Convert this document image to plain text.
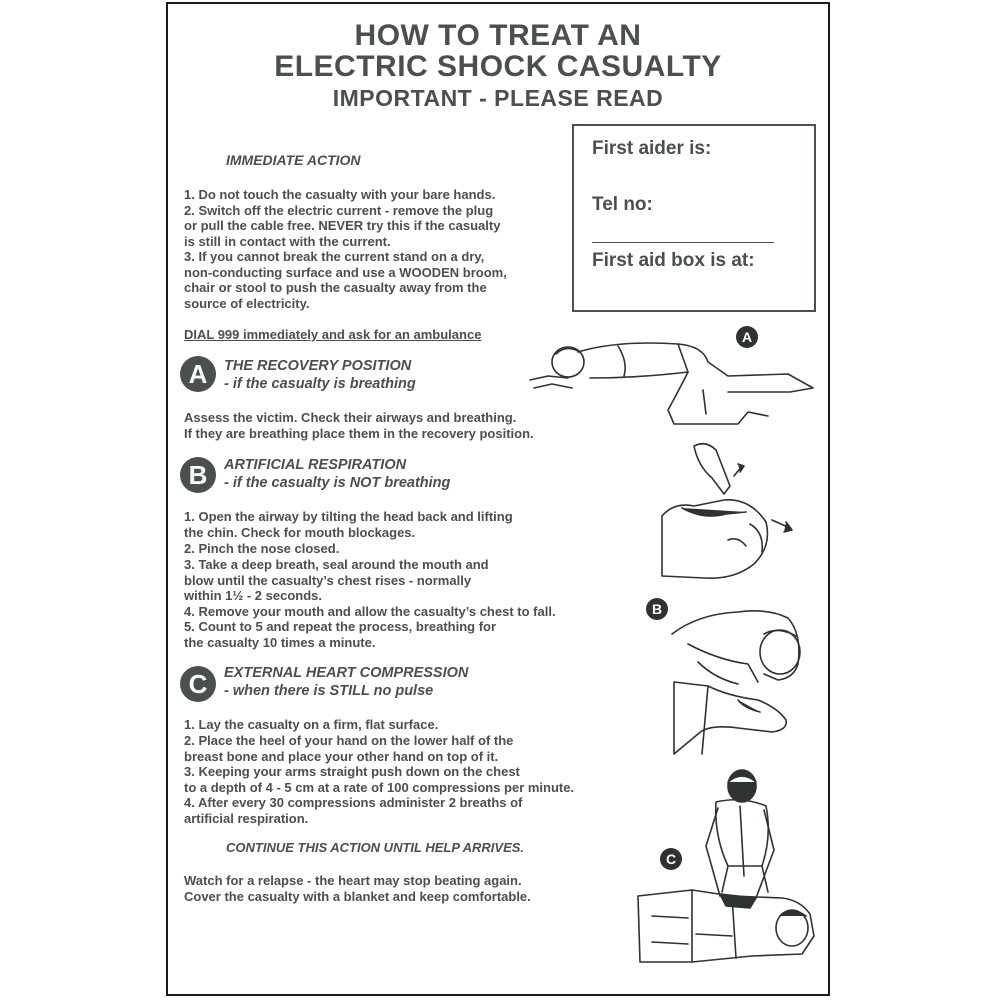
HOW TO TREAT AN
ELECTRIC SHOCK CASUALTY
IMPORTANT - PLEASE READ
First aider is:
Tel no:
First aid box is at:
IMMEDIATE ACTION
1. Do not touch the casualty with your bare hands.
2. Switch off the electric current - remove the plug
or pull the cable free. NEVER try this if the casualty
is still in contact with the current.
3. If you cannot break the current stand on a dry,
non-conducting surface and use a WOODEN broom,
chair or stool to push the casualty away from the
source of electricity.
DIAL 999 immediately and ask for an ambulance
A	THE RECOVERY POSITION
- if the casualty is breathing
Assess the victim. Check their airways and breathing.
If they are breathing place them in the recovery position.
B	ARTIFICIAL RESPIRATION
- if the casualty is NOT breathing
1. Open the airway by tilting the head back and lifting
the chin. Check for mouth blockages.
2. Pinch the nose closed.
3. Take a deep breath, seal around the mouth and
blow until the casualty’s chest rises - normally
within 1½ - 2 seconds.
4. Remove your mouth and allow the casualty’s chest to fall.
5. Count to 5 and repeat the process, breathing for
the casualty 10 times a minute.
C	EXTERNAL HEART COMPRESSION
- when there is STILL no pulse
1. Lay the casualty on a firm, flat surface.
2. Place the heel of your hand on the lower half of the
breast bone and place your other hand on top of it.
3. Keeping your arms straight push down on the chest
to a depth of 4 - 5 cm at a rate of 100 compressions per minute.
4. After every 30 compressions administer 2 breaths of
artificial respiration.
CONTINUE THIS ACTION UNTIL HELP ARRIVES.
Watch for a relapse - the heart may stop beating again.
Cover the casualty with a blanket and keep comfortable.
A
B
C
